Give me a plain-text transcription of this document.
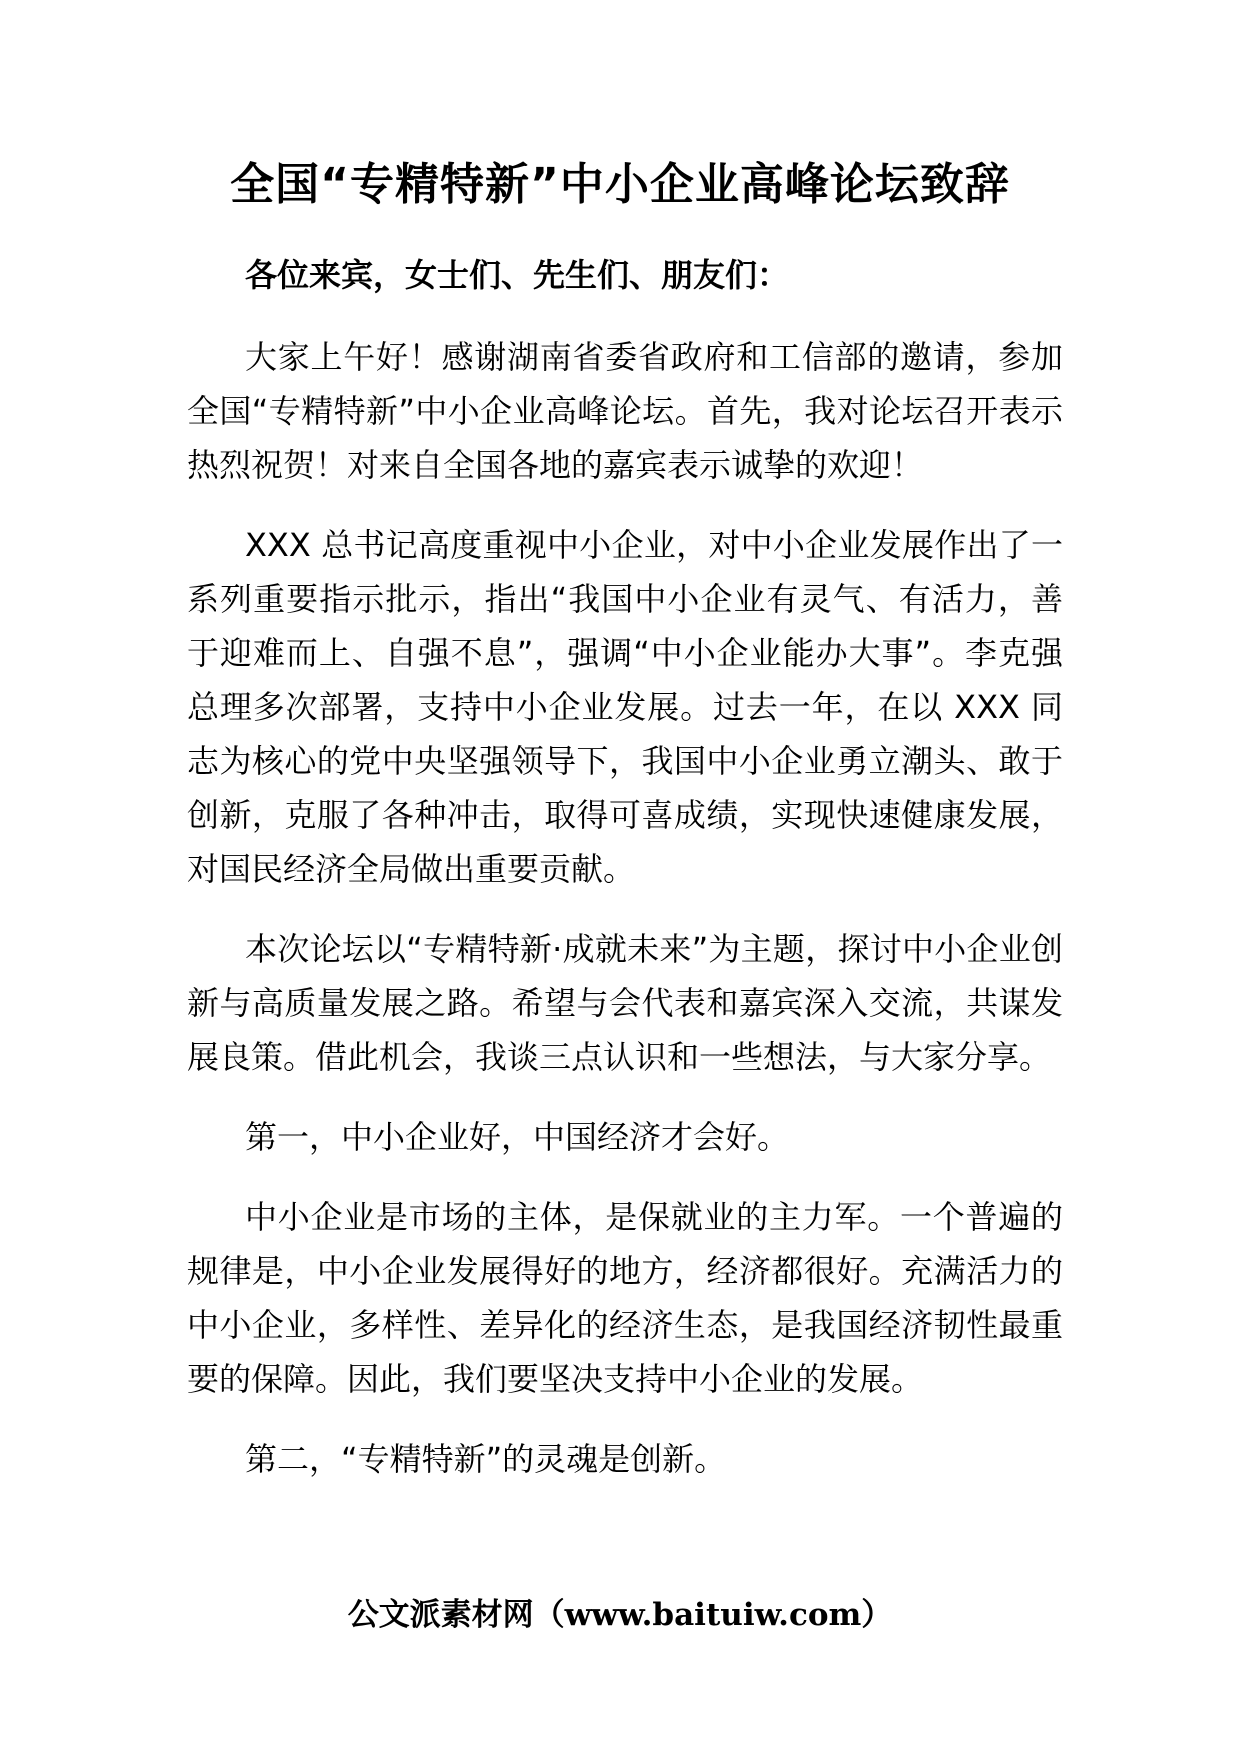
全国“专精特新”中小企业高峰论坛致辞

各位来宾，女士们、先生们、朋友们：

大家上午好！感谢湖南省委省政府和工信部的邀请，参加全国“专精特新”中小企业高峰论坛。首先，我对论坛召开表示热烈祝贺！对来自全国各地的嘉宾表示诚挚的欢迎！

XXX 总书记高度重视中小企业，对中小企业发展作出了一系列重要指示批示，指出“我国中小企业有灵气、有活力，善于迎难而上、自强不息”，强调“中小企业能办大事”。李克强总理多次部署，支持中小企业发展。过去一年，在以 XXX 同志为核心的党中央坚强领导下，我国中小企业勇立潮头、敢于创新，克服了各种冲击，取得可喜成绩，实现快速健康发展，对国民经济全局做出重要贡献。

本次论坛以“专精特新·成就未来”为主题，探讨中小企业创新与高质量发展之路。希望与会代表和嘉宾深入交流，共谋发展良策。借此机会，我谈三点认识和一些想法，与大家分享。

第一，中小企业好，中国经济才会好。

中小企业是市场的主体，是保就业的主力军。一个普遍的规律是，中小企业发展得好的地方，经济都很好。充满活力的中小企业，多样性、差异化的经济生态，是我国经济韧性最重要的保障。因此，我们要坚决支持中小企业的发展。

第二，“专精特新”的灵魂是创新。

公文派素材网（www.baituiw.com）
